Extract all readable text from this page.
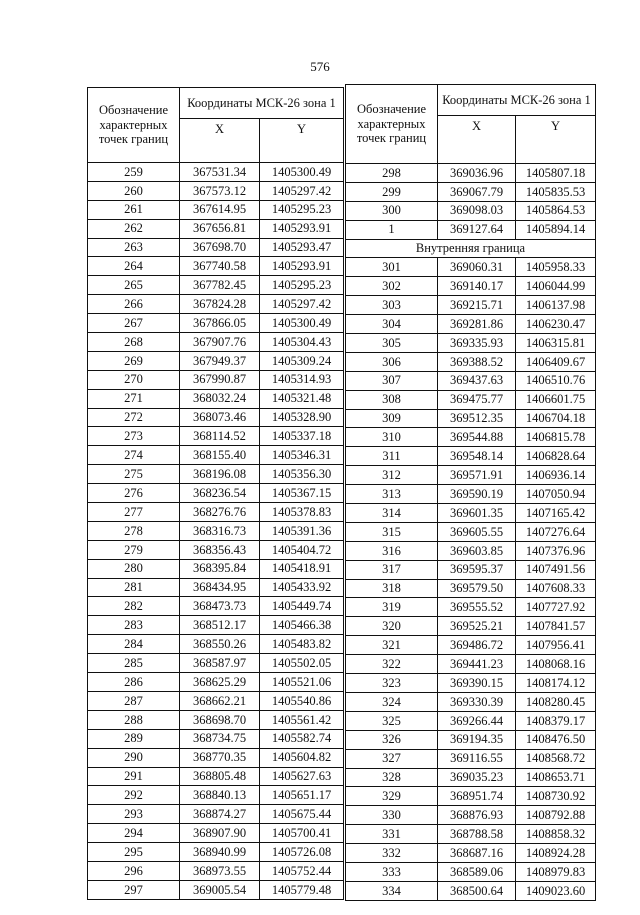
576
Обозначение характерных точек границ	Координаты МСК-26 зона 1	
	X	Y
259	367531.34	1405300.49
260	367573.12	1405297.42
261	367614.95	1405295.23
262	367656.81	1405293.91
263	367698.70	1405293.47
264	367740.58	1405293.91
265	367782.45	1405295.23
266	367824.28	1405297.42
267	367866.05	1405300.49
268	367907.76	1405304.43
269	367949.37	1405309.24
270	367990.87	1405314.93
271	368032.24	1405321.48
272	368073.46	1405328.90
273	368114.52	1405337.18
274	368155.40	1405346.31
275	368196.08	1405356.30
276	368236.54	1405367.15
277	368276.76	1405378.83
278	368316.73	1405391.36
279	368356.43	1405404.72
280	368395.84	1405418.91
281	368434.95	1405433.92
282	368473.73	1405449.74
283	368512.17	1405466.38
284	368550.26	1405483.82
285	368587.97	1405502.05
286	368625.29	1405521.06
287	368662.21	1405540.86
288	368698.70	1405561.42
289	368734.75	1405582.74
290	368770.35	1405604.82
291	368805.48	1405627.63
292	368840.13	1405651.17
293	368874.27	1405675.44
294	368907.90	1405700.41
295	368940.99	1405726.08
296	368973.55	1405752.44
297	369005.54	1405779.48
Обозначение характерных точек границ	Координаты МСК-26 зона 1	
	X	Y
298	369036.96	1405807.18
299	369067.79	1405835.53
300	369098.03	1405864.53
1	369127.64	1405894.14
Внутренняя граница		
301	369060.31	1405958.33
302	369140.17	1406044.99
303	369215.71	1406137.98
304	369281.86	1406230.47
305	369335.93	1406315.81
306	369388.52	1406409.67
307	369437.63	1406510.76
308	369475.77	1406601.75
309	369512.35	1406704.18
310	369544.88	1406815.78
311	369548.14	1406828.64
312	369571.91	1406936.14
313	369590.19	1407050.94
314	369601.35	1407165.42
315	369605.55	1407276.64
316	369603.85	1407376.96
317	369595.37	1407491.56
318	369579.50	1407608.33
319	369555.52	1407727.92
320	369525.21	1407841.57
321	369486.72	1407956.41
322	369441.23	1408068.16
323	369390.15	1408174.12
324	369330.39	1408280.45
325	369266.44	1408379.17
326	369194.35	1408476.50
327	369116.55	1408568.72
328	369035.23	1408653.71
329	368951.74	1408730.92
330	368876.93	1408792.88
331	368788.58	1408858.32
332	368687.16	1408924.28
333	368589.06	1408979.83
334	368500.64	1409023.60
